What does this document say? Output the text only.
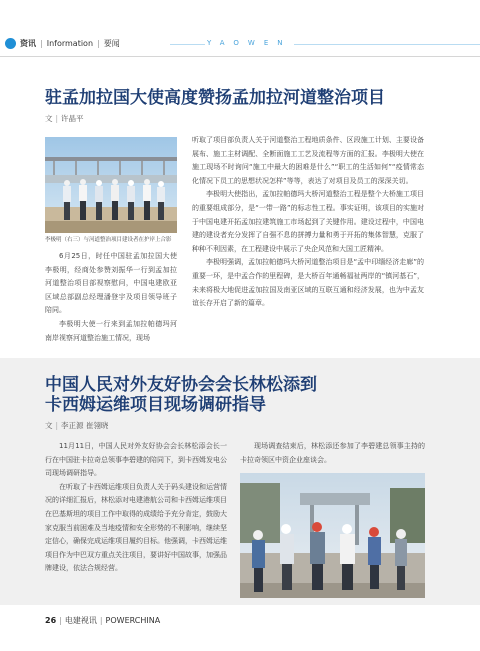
资讯 | Information | 要闻	YAOWEN
驻孟加拉国大使高度赞扬孟加拉河道整治项目
文 | 许晶平
李极明（右三）与河道整治项目建设者在护岸上合影

6月25日，时任中国驻孟加拉国大使李极明，经商处参赞刘振华一行到孟加拉河道整治项目部视察慰问，中国电建欧亚区域总部副总经理潘登宇及项目领导班子陪同。

李极明大使一行来到孟加拉帕德玛河南岸视察河道整治施工情况，现场

听取了项目部负责人关于河道整治工程地质条件、区段施工计划、主要设备展布、施工主材调配、全断面施工工艺及流程等方面的汇报。李极明大使在施工现场不时询问“施工中最大的困难是什么”“职工的生活如何”“疫情常态化情况下员工的思想状况怎样”等等，表达了对项目及员工的深深关切。

李极明大使指出，孟加拉帕德玛大桥河道整治工程是整个大桥施工项目的重要组成部分，是“一带一路”的标志性工程。事实证明，该项目的实施对于中国电建开拓孟加拉建筑施工市场起到了关键作用。建设过程中，中国电建的建设者充分发挥了自强不息的拼搏力量和勇于开拓的集体智慧，克服了种种不利因素，在工程建设中展示了央企风范和大国工匠精神。

李极明强调，孟加拉帕德玛大桥河道整治项目是“孟中印缅经济走廊”的重要一环，是中孟合作的里程碑，是大桥百年通畅福祉两岸的“镇河基石”，未来将极大地促进孟加拉国及南亚区域的互联互通和经济发展，也为中孟友谊长存开启了新的篇章。

中国人民对外友好协会会长林松添到
卡西姆运维项目现场调研指导
文 | 李正源 崔翎晓

11月11日，中国人民对外友好协会会长林松添会长一行在中国驻卡拉奇总领事李碧建的陪同下，到卡西姆发电公司现场调研指导。

在听取了卡西姆运维项目负责人关于码头建设和运营情况的详细汇报后，林松添对电建港航公司和卡西姆运维项目在巴基斯坦的项目工作中取得的成绩给予充分肯定，鼓励大家克服当前困难及当地疫情和安全形势的不利影响，继续坚定信心，确保完成运维项目履约目标。他强调，卡西姆运维项目作为中巴双方重点关注项目，要讲好中国故事，加强品牌建设，依法合规经营。

现场调查结束后，林松添还参加了李碧建总领事主持的卡拉奇领区中资企业座谈会。

26 | 电建视讯 | POWERCHINA
